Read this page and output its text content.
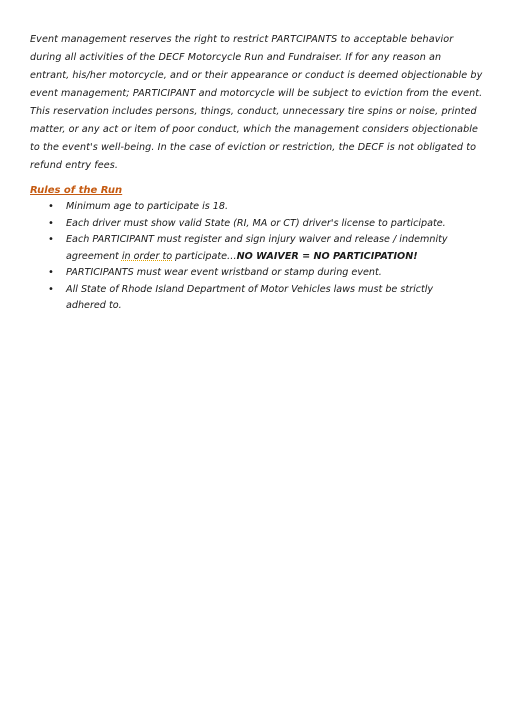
Event management reserves the right to restrict PARTCIPANTS to acceptable behavior
during all activities of the DECF Motorcycle Run and Fundraiser. If for any reason an
entrant, his/her motorcycle, and or their appearance or conduct is deemed objectionable by
event management; PARTICIPANT and motorcycle will be subject to eviction from the event.
This reservation includes persons, things, conduct, unnecessary tire spins or noise, printed
matter, or any act or item of poor conduct, which the management considers objectionable
to the event's well-being. In the case of eviction or restriction, the DECF is not obligated to
refund entry fees.

Rules of the Run
• Minimum age to participate is 18.
• Each driver must show valid State (RI, MA or CT) driver's license to participate.
• Each PARTICIPANT must register and sign injury waiver and release / indemnity
agreement in order to participate…NO WAIVER = NO PARTICIPATION!
• PARTICIPANTS must wear event wristband or stamp during event.
• All State of Rhode Island Department of Motor Vehicles laws must be strictly
adhered to.
